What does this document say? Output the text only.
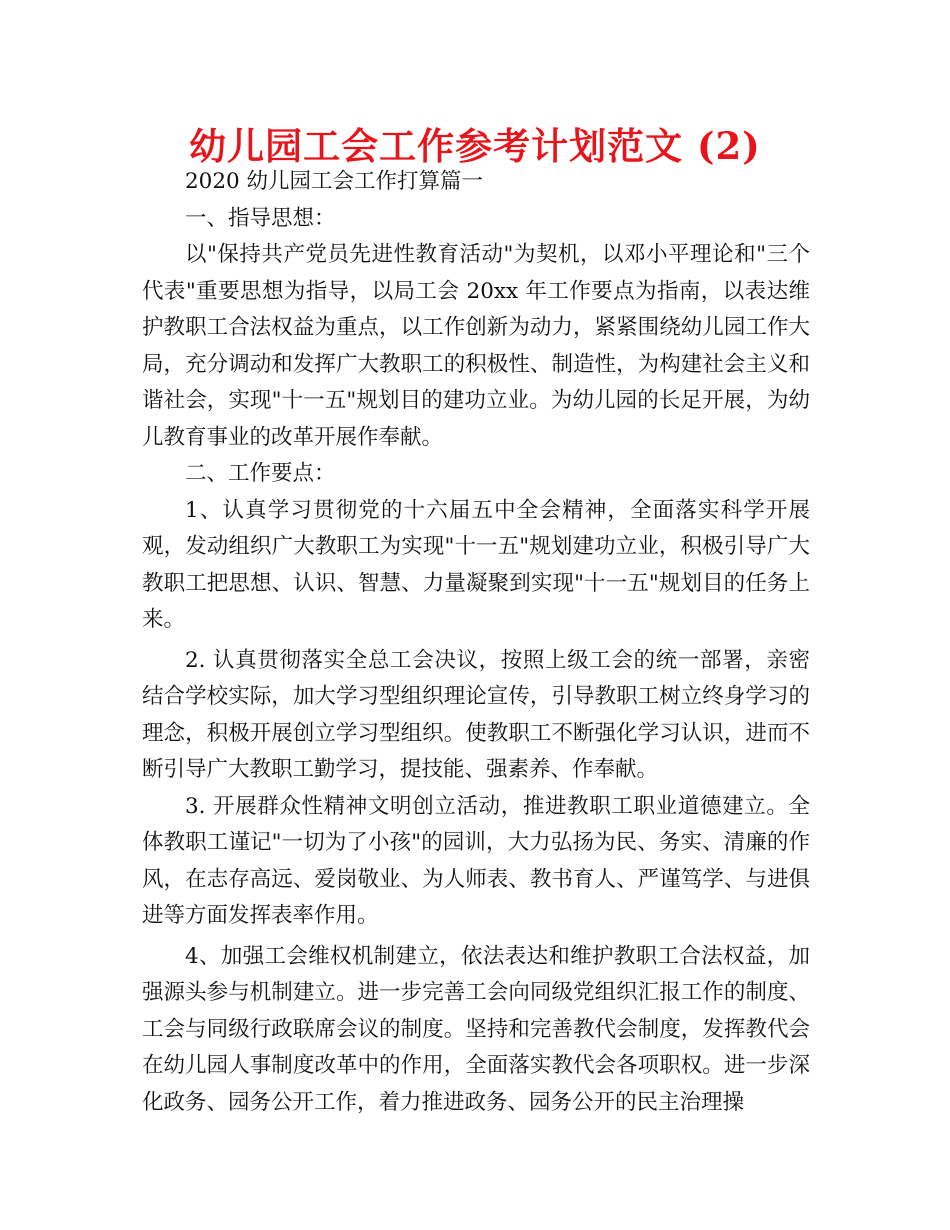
幼儿园工会工作参考计划范文 (2)

2020 幼儿园工会工作打算篇一

一、指导思想：

以"保持共产党员先进性教育活动"为契机，以邓小平理论和"三个代表"重要思想为指导，以局工会 20xx 年工作要点为指南，以表达维护教职工合法权益为重点，以工作创新为动力，紧紧围绕幼儿园工作大局，充分调动和发挥广大教职工的积极性、制造性，为构建社会主义和谐社会，实现"十一五"规划目的建功立业。为幼儿园的长足开展，为幼儿教育事业的改革开展作奉献。

二、工作要点：

1、认真学习贯彻党的十六届五中全会精神，全面落实科学开展观，发动组织广大教职工为实现"十一五"规划建功立业，积极引导广大教职工把思想、认识、智慧、力量凝聚到实现"十一五"规划目的任务上来。

2. 认真贯彻落实全总工会决议，按照上级工会的统一部署，亲密结合学校实际，加大学习型组织理论宣传，引导教职工树立终身学习的理念，积极开展创立学习型组织。使教职工不断强化学习认识，进而不断引导广大教职工勤学习，提技能、强素养、作奉献。

3. 开展群众性精神文明创立活动，推进教职工职业道德建立。全体教职工谨记"一切为了小孩"的园训，大力弘扬为民、务实、清廉的作风，在志存高远、爱岗敬业、为人师表、教书育人、严谨笃学、与进俱进等方面发挥表率作用。

4、加强工会维权机制建立，依法表达和维护教职工合法权益，加强源头参与机制建立。进一步完善工会向同级党组织汇报工作的制度、工会与同级行政联席会议的制度。坚持和完善教代会制度，发挥教代会在幼儿园人事制度改革中的作用，全面落实教代会各项职权。进一步深化政务、园务公开工作，着力推进政务、园务公开的民主治理操
